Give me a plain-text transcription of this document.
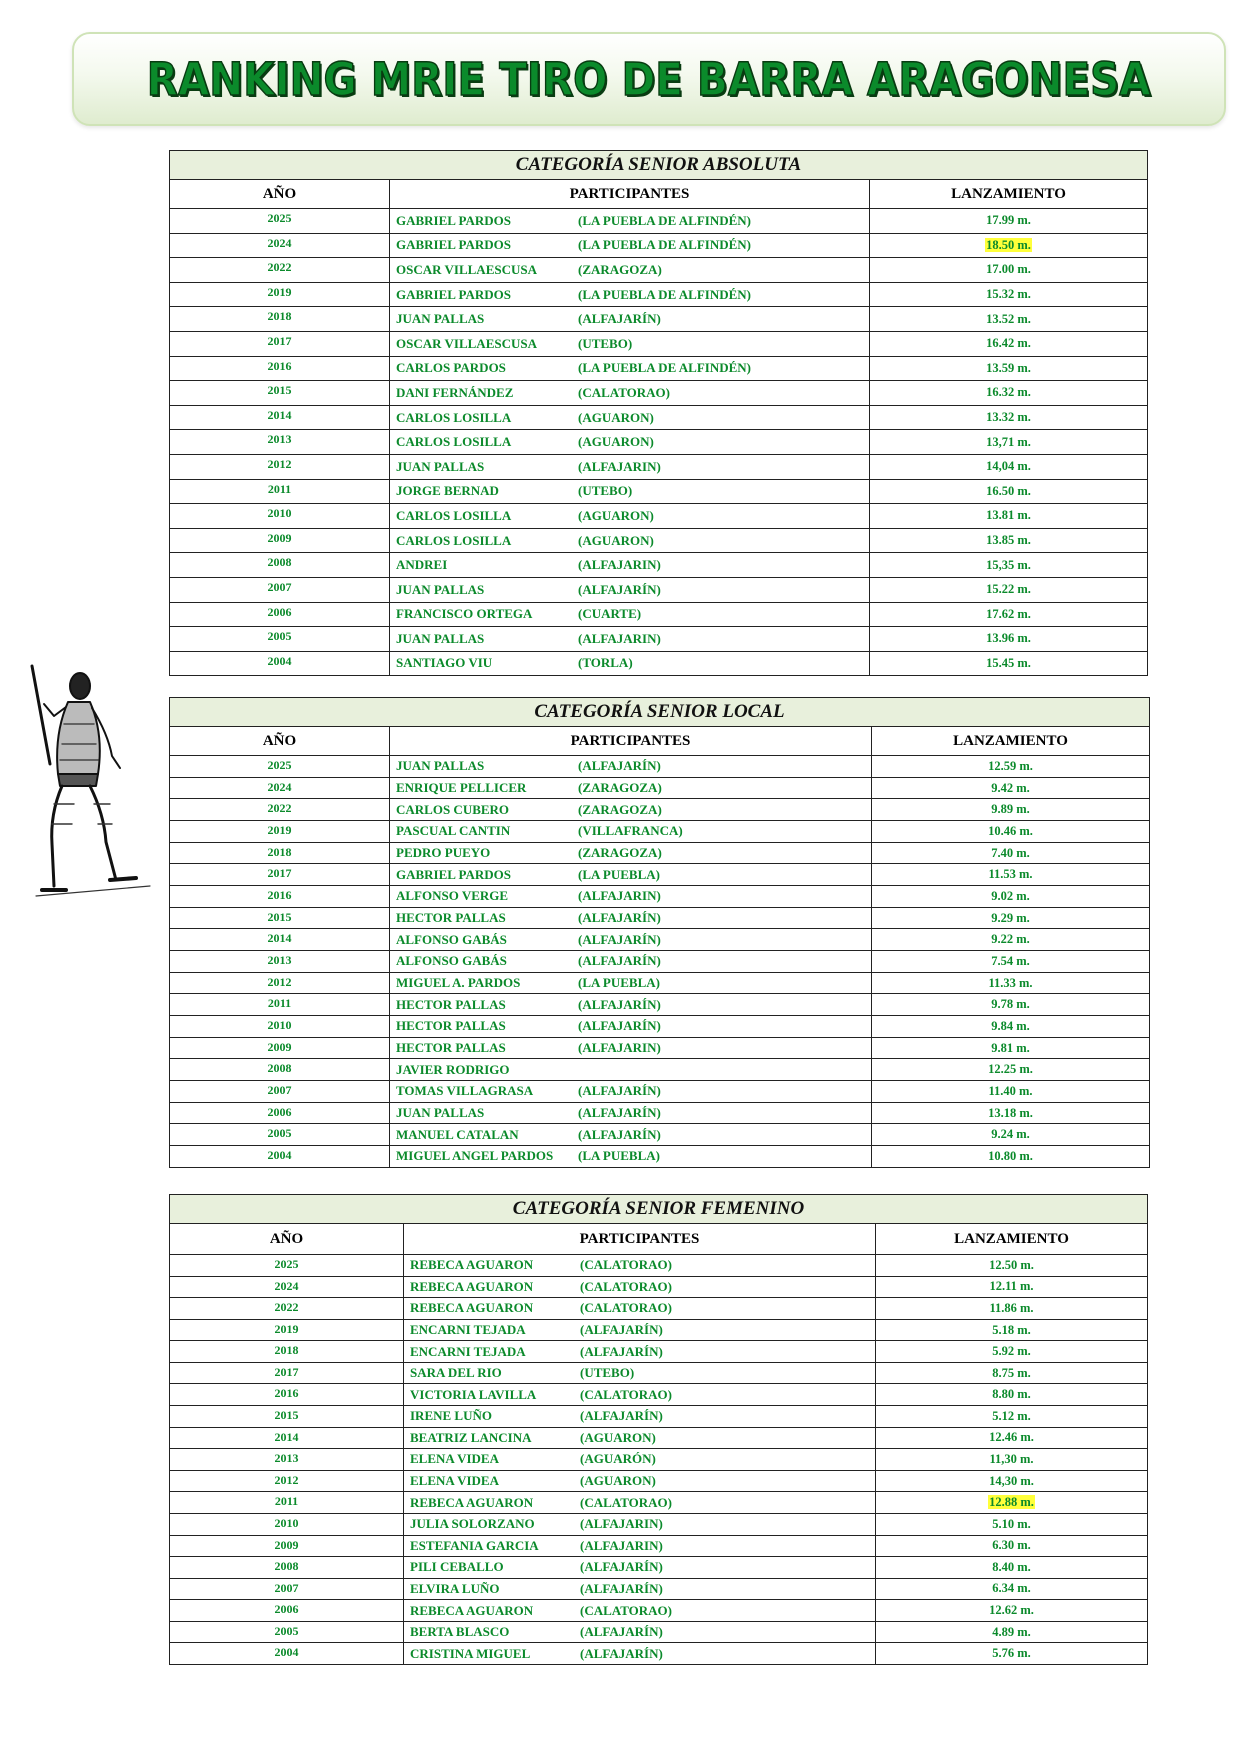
RANKING MRIE TIRO DE BARRA ARAGONESA
CATEGORÍA SENIOR ABSOLUTA		
AÑO	PARTICIPANTES	LANZAMIENTO
2025	GABRIEL PARDOS (LA PUEBLA DE ALFINDÉN)	17.99 m.
2024	GABRIEL PARDOS (LA PUEBLA DE ALFINDÉN)	18.50 m.
2022	OSCAR VILLAESCUSA (ZARAGOZA)	17.00 m.
2019	GABRIEL PARDOS (LA PUEBLA DE ALFINDÉN)	15.32 m.
2018	JUAN PALLAS (ALFAJARÍN)	13.52 m.
2017	OSCAR VILLAESCUSA (UTEBO)	16.42 m.
2016	CARLOS PARDOS (LA PUEBLA DE ALFINDÉN)	13.59 m.
2015	DANI FERNÁNDEZ (CALATORAO)	16.32 m.
2014	CARLOS LOSILLA (AGUARON)	13.32 m.
2013	CARLOS LOSILLA (AGUARON)	13,71 m.
2012	JUAN PALLAS (ALFAJARIN)	14,04 m.
2011	JORGE BERNAD (UTEBO)	16.50 m.
2010	CARLOS LOSILLA (AGUARON)	13.81 m.
2009	CARLOS LOSILLA (AGUARON)	13.85 m.
2008	ANDREI (ALFAJARIN)	15,35 m.
2007	JUAN PALLAS (ALFAJARÍN)	15.22 m.
2006	FRANCISCO ORTEGA (CUARTE)	17.62 m.
2005	JUAN PALLAS (ALFAJARIN)	13.96 m.
2004	SANTIAGO VIU (TORLA)	15.45 m.
CATEGORÍA SENIOR LOCAL		
AÑO	PARTICIPANTES	LANZAMIENTO
2025	JUAN PALLAS (ALFAJARÍN)	12.59 m.
2024	ENRIQUE PELLICER (ZARAGOZA)	9.42 m.
2022	CARLOS CUBERO (ZARAGOZA)	9.89 m.
2019	PASCUAL CANTIN (VILLAFRANCA)	10.46 m.
2018	PEDRO PUEYO (ZARAGOZA)	7.40 m.
2017	GABRIEL PARDOS (LA PUEBLA)	11.53 m.
2016	ALFONSO VERGE (ALFAJARIN)	9.02 m.
2015	HECTOR PALLAS (ALFAJARÍN)	9.29 m.
2014	ALFONSO GABÁS (ALFAJARÍN)	9.22 m.
2013	ALFONSO GABÁS (ALFAJARÍN)	7.54 m.
2012	MIGUEL A. PARDOS (LA PUEBLA)	11.33 m.
2011	HECTOR PALLAS (ALFAJARÍN)	9.78 m.
2010	HECTOR PALLAS (ALFAJARÍN)	9.84 m.
2009	HECTOR PALLAS (ALFAJARIN)	9.81 m.
2008	JAVIER RODRIGO	12.25 m.
2007	TOMAS VILLAGRASA (ALFAJARÍN)	11.40 m.
2006	JUAN PALLAS (ALFAJARÍN)	13.18 m.
2005	MANUEL CATALAN (ALFAJARÍN)	9.24 m.
2004	MIGUEL ANGEL PARDOS (LA PUEBLA)	10.80 m.
CATEGORÍA SENIOR FEMENINO		
AÑO	PARTICIPANTES	LANZAMIENTO
2025	REBECA AGUARON (CALATORAO)	12.50 m.
2024	REBECA AGUARON (CALATORAO)	12.11 m.
2022	REBECA AGUARON (CALATORAO)	11.86 m.
2019	ENCARNI TEJADA (ALFAJARÍN)	5.18 m.
2018	ENCARNI TEJADA (ALFAJARÍN)	5.92 m.
2017	SARA DEL RIO (UTEBO)	8.75 m.
2016	VICTORIA LAVILLA (CALATORAO)	8.80 m.
2015	IRENE LUÑO (ALFAJARÍN)	5.12 m.
2014	BEATRIZ LANCINA (AGUARON)	12.46 m.
2013	ELENA VIDEA (AGUARÓN)	11,30 m.
2012	ELENA VIDEA (AGUARON)	14,30 m.
2011	REBECA AGUARON (CALATORAO)	12.88 m.
2010	JULIA SOLORZANO (ALFAJARIN)	5.10 m.
2009	ESTEFANIA GARCIA (ALFAJARIN)	6.30 m.
2008	PILI CEBALLO (ALFAJARÍN)	8.40 m.
2007	ELVIRA LUÑO (ALFAJARÍN)	6.34 m.
2006	REBECA AGUARON (CALATORAO)	12.62 m.
2005	BERTA BLASCO (ALFAJARÍN)	4.89 m.
2004	CRISTINA MIGUEL (ALFAJARÍN)	5.76 m.
